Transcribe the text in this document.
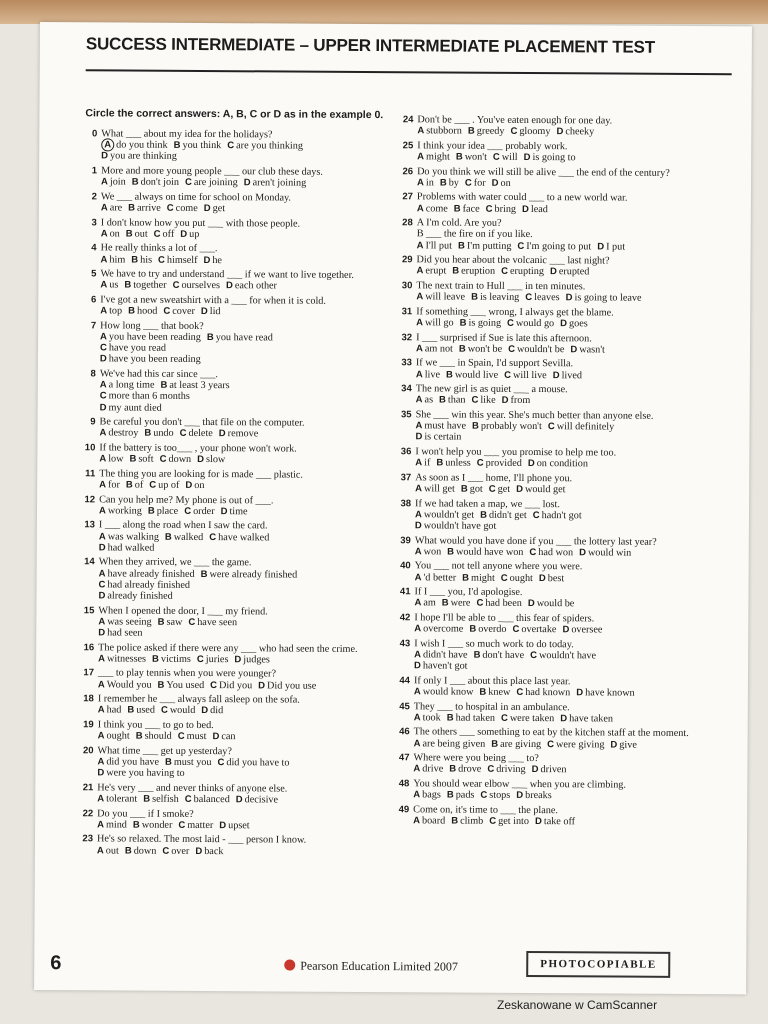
SUCCESS INTERMEDIATE – UPPER INTERMEDIATE PLACEMENT TEST
Circle the correct answers: A, B, C or D as in the example 0.
0 What ___ about my idea for the holidays?
A do you think B you think C are you thinking
D you are thinking
1 More and more young people ___ our club these days.
A join B don't join C are joining D aren't joining
2 We ___ always on time for school on Monday.
A are B arrive C come D get
3 I don't know how you put ___ with those people.
A on B out C off D up
4 He really thinks a lot of ___.
A him B his C himself D he
5 We have to try and understand ___ if we want to live together.
A us B together C ourselves D each other
6 I've got a new sweatshirt with a ___ for when it is cold.
A top B hood C cover D lid
7 How long ___ that book?
A you have been reading B you have read
C have you read
D have you been reading
8 We've had this car since ___.
A a long time B at least 3 years
C more than 6 months
D my aunt died
9 Be careful you don't ___ that file on the computer.
A destroy B undo C delete D remove
10 If the battery is too___ , your phone won't work.
A low B soft C down D slow
11 The thing you are looking for is made ___ plastic.
A for B of C up of D on
12 Can you help me? My phone is out of ___.
A working B place C order D time
13 I ___ along the road when I saw the card.
A was walking B walked C have walked
D had walked
14 When they arrived, we ___ the game.
A have already finished B were already finished
C had already finished
D already finished
15 When I opened the door, I ___ my friend.
A was seeing B saw C have seen
D had seen
16 The police asked if there were any ___ who had seen the crime.
A witnesses B victims C juries D judges
17 ___ to play tennis when you were younger?
A Would you B You used C Did you D Did you use
18 I remember he ___ always fall asleep on the sofa.
A had B used C would D did
19 I think you ___ to go to bed.
A ought B should C must D can
20 What time ___ get up yesterday?
A did you have B must you C did you have to
D were you having to
21 He's very ___ and never thinks of anyone else.
A tolerant B selfish C balanced D decisive
22 Do you ___ if I smoke?
A mind B wonder C matter D upset
23 He's so relaxed. The most laid - ___ person I know.
A out B down C over D back
24 Don't be ___ . You've eaten enough for one day.
A stubborn B greedy C gloomy D cheeky
25 I think your idea ___ probably work.
A might B won't C will D is going to
26 Do you think we will still be alive ___ the end of the century?
A in B by C for D on
27 Problems with water could ___ to a new world war.
A come B face C bring D lead
28 A I'm cold. Are you?
B ___ the fire on if you like.
A I'll put B I'm putting C I'm going to put D I put
29 Did you hear about the volcanic ___ last night?
A erupt B eruption C erupting D erupted
30 The next train to Hull ___ in ten minutes.
A will leave B is leaving C leaves D is going to leave
31 If something ___ wrong, I always get the blame.
A will go B is going C would go D goes
32 I ___ surprised if Sue is late this afternoon.
A am not B won't be C wouldn't be D wasn't
33 If we ___ in Spain, I'd support Sevilla.
A live B would live C will live D lived
34 The new girl is as quiet ___ a mouse.
A as B than C like D from
35 She ___ win this year. She's much better than anyone else.
A must have B probably won't C will definitely
D is certain
36 I won't help you ___ you promise to help me too.
A if B unless C provided D on condition
37 As soon as I ___ home, I'll phone you.
A will get B got C get D would get
38 If we had taken a map, we ___ lost.
A wouldn't get B didn't get C hadn't got
D wouldn't have got
39 What would you have done if you ___ the lottery last year?
A won B would have won C had won D would win
40 You ___ not tell anyone where you were.
A 'd better B might C ought D best
41 If I ___ you, I'd apologise.
A am B were C had been D would be
42 I hope I'll be able to ___ this fear of spiders.
A overcome B overdo C overtake D oversee
43 I wish I ___ so much work to do today.
A didn't have B don't have C wouldn't have
D haven't got
44 If only I ___ about this place last year.
A would know B knew C had known D have known
45 They ___ to hospital in an ambulance.
A took B had taken C were taken D have taken
46 The others ___ something to eat by the kitchen staff at the moment.
A are being given B are giving C were giving D give
47 Where were you being ___ to?
A drive B drove C driving D driven
48 You should wear elbow ___ when you are climbing.
A bags B pads C stops D breaks
49 Come on, it's time to ___ the plane.
A board B climb C get into D take off
6	Pearson Education Limited 2007	PHOTOCOPIABLE
Zeskanowane w CamScanner
